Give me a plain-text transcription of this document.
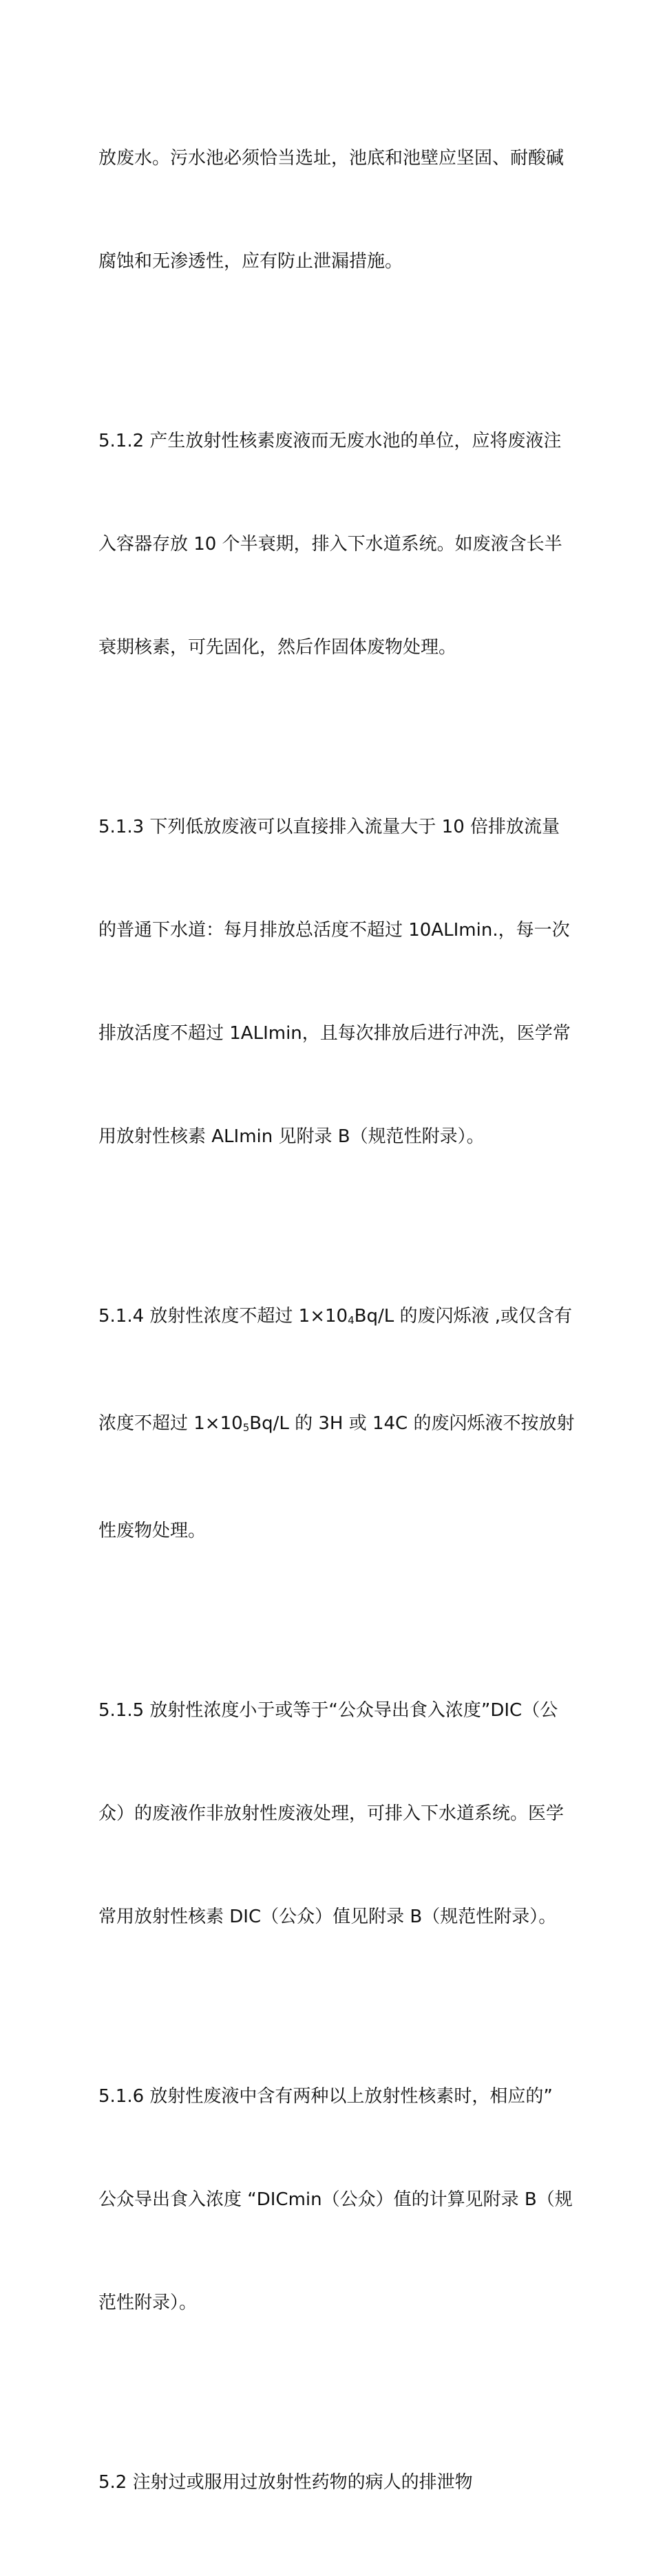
放废水。污水池必须恰当选址，池底和池壁应坚固、耐酸碱

腐蚀和无渗透性，应有防止泄漏措施。

5.1.2 产生放射性核素废液而无废水池的单位，应将废液注

入容器存放 10 个半衰期，排入下水道系统。如废液含长半

衰期核素，可先固化，然后作固体废物处理。

5.1.3 下列低放废液可以直接排入流量大于 10 倍排放流量

的普通下水道：每月排放总活度不超过 10ALImin.，每一次

排放活度不超过 1ALImin，且每次排放后进行冲洗，医学常

用放射性核素 ALImin 见附录 B（规范性附录）。

5.1.4 放射性浓度不超过 $1\times 10_4Bq/L$ 的废闪烁液 ,或仅含有

浓度不超过 $1\times 10_5Bq/L$ 的 3H 或 14C 的废闪烁液不按放射

性废物处理。

5.1.5 放射性浓度小于或等于“公众导出食入浓度”DIC（公

众）的废液作非放射性废液处理，可排入下水道系统。医学

常用放射性核素 DIC（公众）值见附录 B（规范性附录）。

5.1.6 放射性废液中含有两种以上放射性核素时，相应的”

公众导出食入浓度 “DICmin（公众）值的计算见附录 B（规

范性附录）。

5.2 注射过或服用过放射性药物的病人的排泄物
